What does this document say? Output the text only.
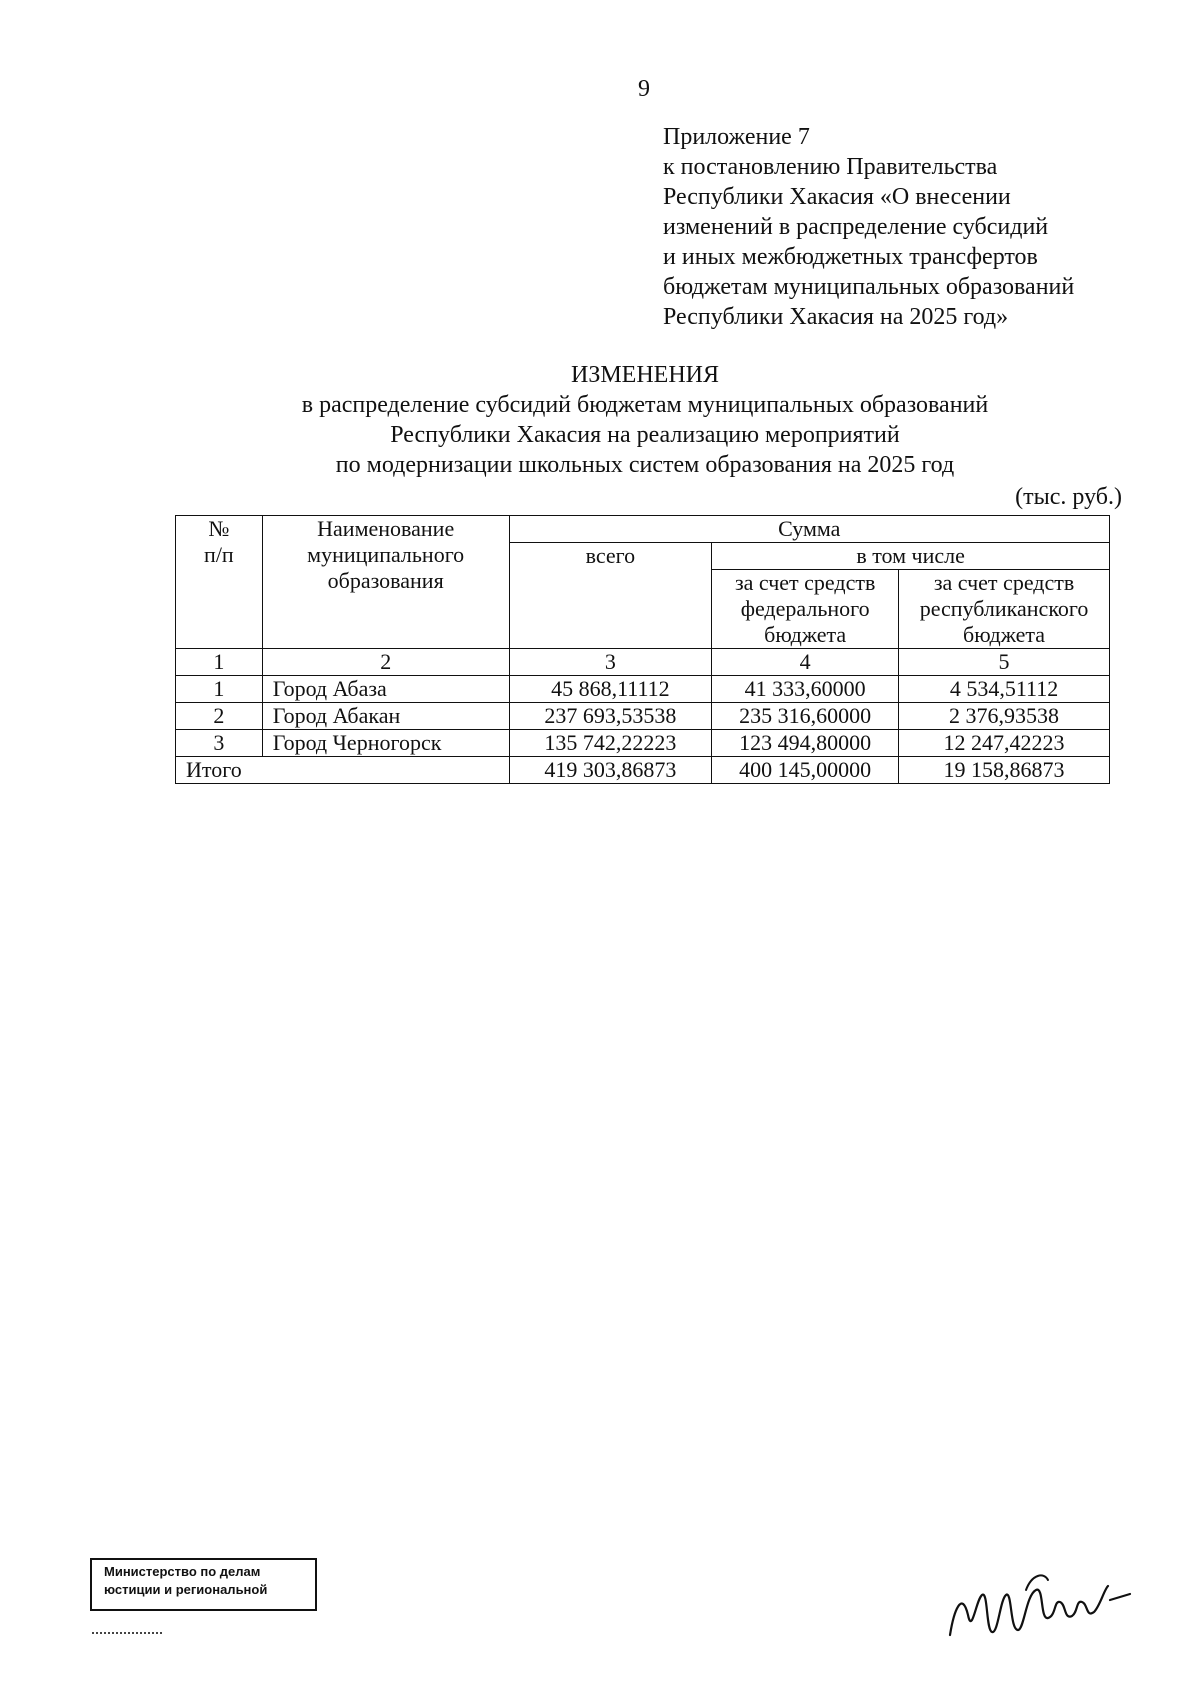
9
Приложение 7
к постановлению Правительства
Республики Хакасия «О внесении
изменений в распределение субсидий
и иных межбюджетных трансфертов
бюджетам муниципальных образований
Республики Хакасия на 2025 год»
ИЗМЕНЕНИЯ
в распределение субсидий бюджетам муниципальных образований
Республики Хакасия на реализацию мероприятий
по модернизации школьных систем образования на 2025 год
(тыс. руб.)
№
п/п	Наименование муниципального образования	Сумма		
		всего	в том числе	
			за счет средств федерального бюджета	за счет средств республиканского бюджета
1	2	3	4	5
1	Город Абаза	45 868,11112	41 333,60000	4 534,51112
2	Город Абакан	237 693,53538	235 316,60000	2 376,93538
3	Город Черногорск	135 742,22223	123 494,80000	12 247,42223
Итого		419 303,86873	400 145,00000	19 158,86873
Министерство по делам
юстиции и региональной
